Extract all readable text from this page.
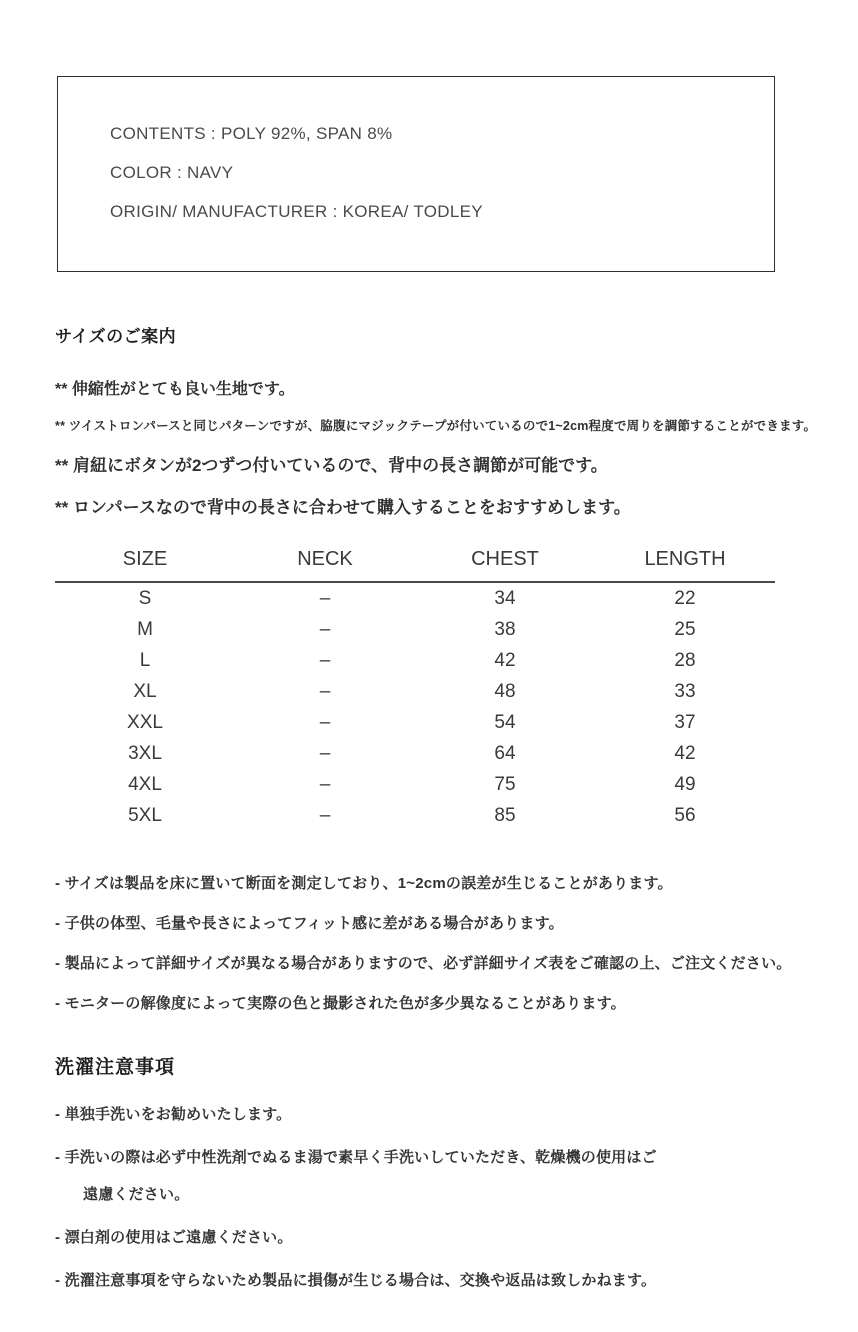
CONTENTS : POLY 92%, SPAN 8%

COLOR : NAVY

ORIGIN/ MANUFACTURER : KOREA/ TODLEY

サイズのご案内

** 伸縮性がとても良い生地です。

** ツイストロンパースと同じパターンですが、脇腹にマジックテープが付いているので1~2cm程度で周りを調節することができます。

** 肩紐にボタンが2つずつ付いているので、背中の長さ調節が可能です。

** ロンパースなので背中の長さに合わせて購入することをおすすめします。

SIZE	NECK	CHEST	LENGTH
S	–	34	22
M	–	38	25
L	–	42	28
XL	–	48	33
XXL	–	54	37
3XL	–	64	42
4XL	–	75	49
5XL	–	85	56

- サイズは製品を床に置いて断面を測定しており、1~2cmの誤差が生じることがあります。

- 子供の体型、毛量や長さによってフィット感に差がある場合があります。

- 製品によって詳細サイズが異なる場合がありますので、必ず詳細サイズ表をご確認の上、ご注文ください。

- モニターの解像度によって実際の色と撮影された色が多少異なることがあります。

洗濯注意事項

- 単独手洗いをお勧めいたします。

- 手洗いの際は必ず中性洗剤でぬるま湯で素早く手洗いしていただき、乾燥機の使用はご

遠慮ください。

- 漂白剤の使用はご遠慮ください。

- 洗濯注意事項を守らないため製品に損傷が生じる場合は、交換や返品は致しかねます。
